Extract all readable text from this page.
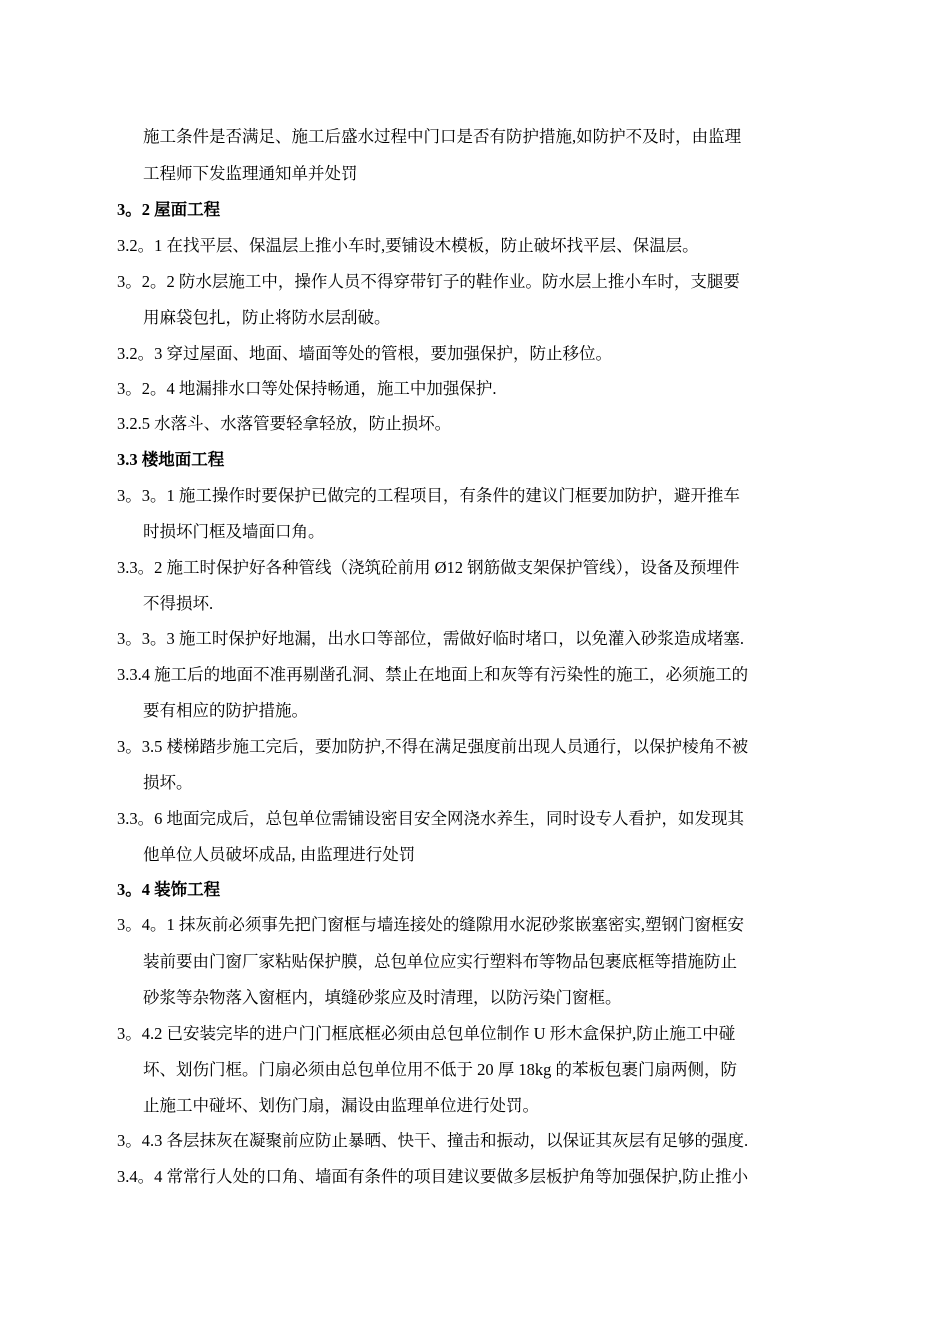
施工条件是否满足、施工后盛水过程中门口是否有防护措施,如防护不及时，由监理
工程师下发监理通知单并处罚
3。2 屋面工程
3.2。1 在找平层、保温层上推小车时,要铺设木模板，防止破坏找平层、保温层。
3。2。2 防水层施工中，操作人员不得穿带钉子的鞋作业。防水层上推小车时，支腿要
用麻袋包扎，防止将防水层刮破。
3.2。3 穿过屋面、地面、墙面等处的管根，要加强保护，防止移位。
3。2。4 地漏排水口等处保持畅通，施工中加强保护.
3.2.5 水落斗、水落管要轻拿轻放，防止损坏。
3.3 楼地面工程
3。3。1 施工操作时要保护已做完的工程项目，有条件的建议门框要加防护，避开推车
时损坏门框及墙面口角。
3.3。2 施工时保护好各种管线（浇筑砼前用 Ø12 钢筋做支架保护管线），设备及预埋件
不得损坏.
3。3。3 施工时保护好地漏，出水口等部位，需做好临时堵口，以免灌入砂浆造成堵塞.
3.3.4 施工后的地面不准再剔凿孔洞、禁止在地面上和灰等有污染性的施工，必须施工的
要有相应的防护措施。
3。3.5 楼梯踏步施工完后，要加防护,不得在满足强度前出现人员通行，以保护棱角不被
损坏。
3.3。6 地面完成后，总包单位需铺设密目安全网浇水养生，同时设专人看护，如发现其
他单位人员破坏成品, 由监理进行处罚
3。4 装饰工程
3。4。1 抹灰前必须事先把门窗框与墙连接处的缝隙用水泥砂浆嵌塞密实,塑钢门窗框安
装前要由门窗厂家粘贴保护膜，总包单位应实行塑料布等物品包裹底框等措施防止
砂浆等杂物落入窗框内，填缝砂浆应及时清理，以防污染门窗框。
3。4.2 已安装完毕的进户门门框底框必须由总包单位制作 U 形木盒保护,防止施工中碰
坏、划伤门框。门扇必须由总包单位用不低于 20 厚 18kg 的苯板包裹门扇两侧，防
止施工中碰坏、划伤门扇，漏设由监理单位进行处罚。
3。4.3 各层抹灰在凝聚前应防止暴晒、快干、撞击和振动，以保证其灰层有足够的强度.
3.4。4 常常行人处的口角、墙面有条件的项目建议要做多层板护角等加强保护,防止推小
